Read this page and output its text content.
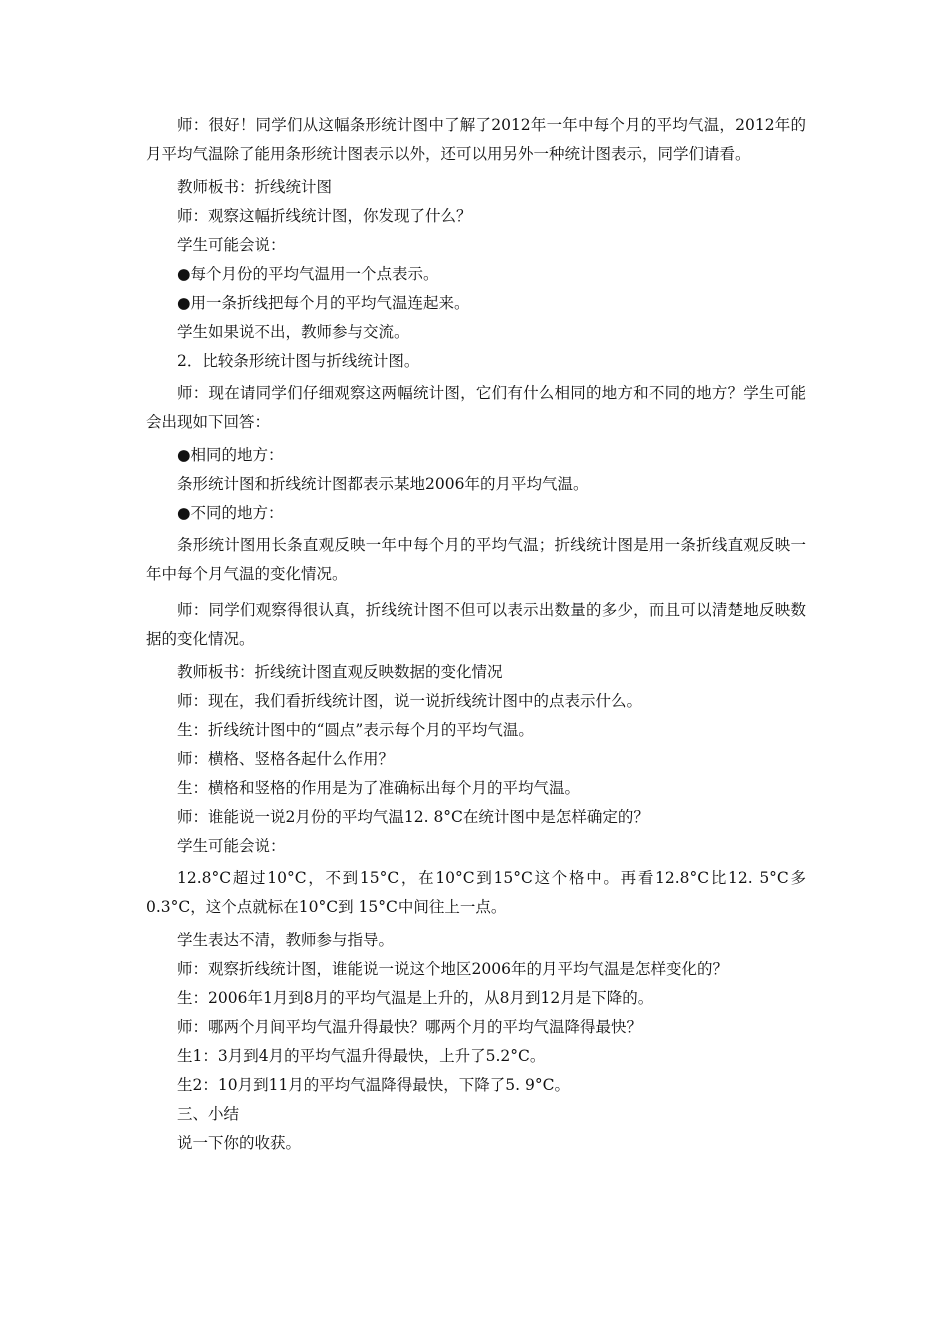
师：很好！同学们从这幅条形统计图中了解了2012年一年中每个月的平均气温，2012年的月平均气温除了能用条形统计图表示以外，还可以用另外一种统计图表示，同学们请看。

教师板书：折线统计图

师：观察这幅折线统计图，你发现了什么？

学生可能会说：

●每个月份的平均气温用一个点表示。

●用一条折线把每个月的平均气温连起来。

学生如果说不出，教师参与交流。

2．比较条形统计图与折线统计图。

师：现在请同学们仔细观察这两幅统计图，它们有什么相同的地方和不同的地方？学生可能会出现如下回答：

●相同的地方：

条形统计图和折线统计图都表示某地2006年的月平均气温。

●不同的地方：

条形统计图用长条直观反映一年中每个月的平均气温；折线统计图是用一条折线直观反映一年中每个月气温的变化情况。

师：同学们观察得很认真，折线统计图不但可以表示出数量的多少，而且可以清楚地反映数据的变化情况。

教师板书：折线统计图直观反映数据的变化情况

师：现在，我们看折线统计图，说一说折线统计图中的点表示什么。

生：折线统计图中的“圆点”表示每个月的平均气温。

师：横格、竖格各起什么作用？

生：横格和竖格的作用是为了准确标出每个月的平均气温。

师：谁能说一说2月份的平均气温12. 8°C在统计图中是怎样确定的？

学生可能会说：

12.8°C超过10°C，不到15°C，在10°C到15°C这个格中。再看12.8°C比12. 5°C多0.3°C，这个点就标在10°C到 15°C中间往上一点。

学生表达不清，教师参与指导。

师：观察折线统计图，谁能说一说这个地区2006年的月平均气温是怎样变化的？

生：2006年1月到8月的平均气温是上升的，从8月到12月是下降的。

师：哪两个月间平均气温升得最快？哪两个月的平均气温降得最快？

生1：3月到4月的平均气温升得最快，上升了5.2°C。

生2：10月到11月的平均气温降得最快，下降了5. 9°C。

三、小结

说一下你的收获。
